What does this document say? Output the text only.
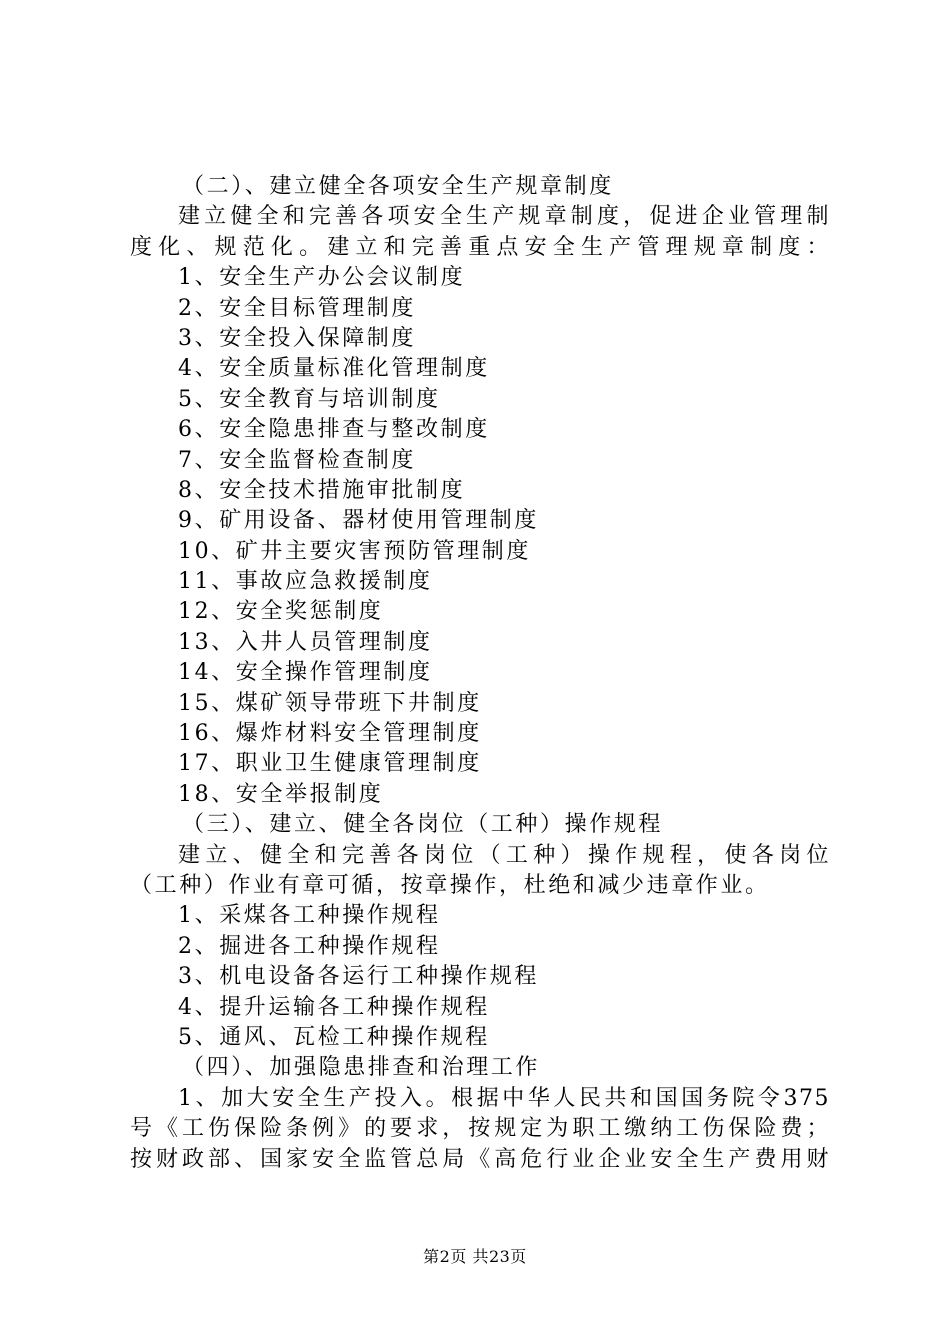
（二）、建立健全各项安全生产规章制度
建立健全和完善各项安全生产规章制度，促进企业管理制
度化、规范化。建立和完善重点安全生产管理规章制度：
1、安全生产办公会议制度
2、安全目标管理制度
3、安全投入保障制度
4、安全质量标准化管理制度
5、安全教育与培训制度
6、安全隐患排查与整改制度
7、安全监督检查制度
8、安全技术措施审批制度
9、矿用设备、器材使用管理制度
10、矿井主要灾害预防管理制度
11、事故应急救援制度
12、安全奖惩制度
13、入井人员管理制度
14、安全操作管理制度
15、煤矿领导带班下井制度
16、爆炸材料安全管理制度
17、职业卫生健康管理制度
18、安全举报制度
（三）、建立、健全各岗位（工种）操作规程
建立、健全和完善各岗位（工种）操作规程，使各岗位
（工种）作业有章可循，按章操作，杜绝和减少违章作业。
1、采煤各工种操作规程
2、掘进各工种操作规程
3、机电设备各运行工种操作规程
4、提升运输各工种操作规程
5、通风、瓦检工种操作规程
（四）、加强隐患排查和治理工作
1、加大安全生产投入。根据中华人民共和国国务院令375
号《工伤保险条例》的要求，按规定为职工缴纳工伤保险费；
按财政部、国家安全监管总局《高危行业企业安全生产费用财
第2页 共23页
